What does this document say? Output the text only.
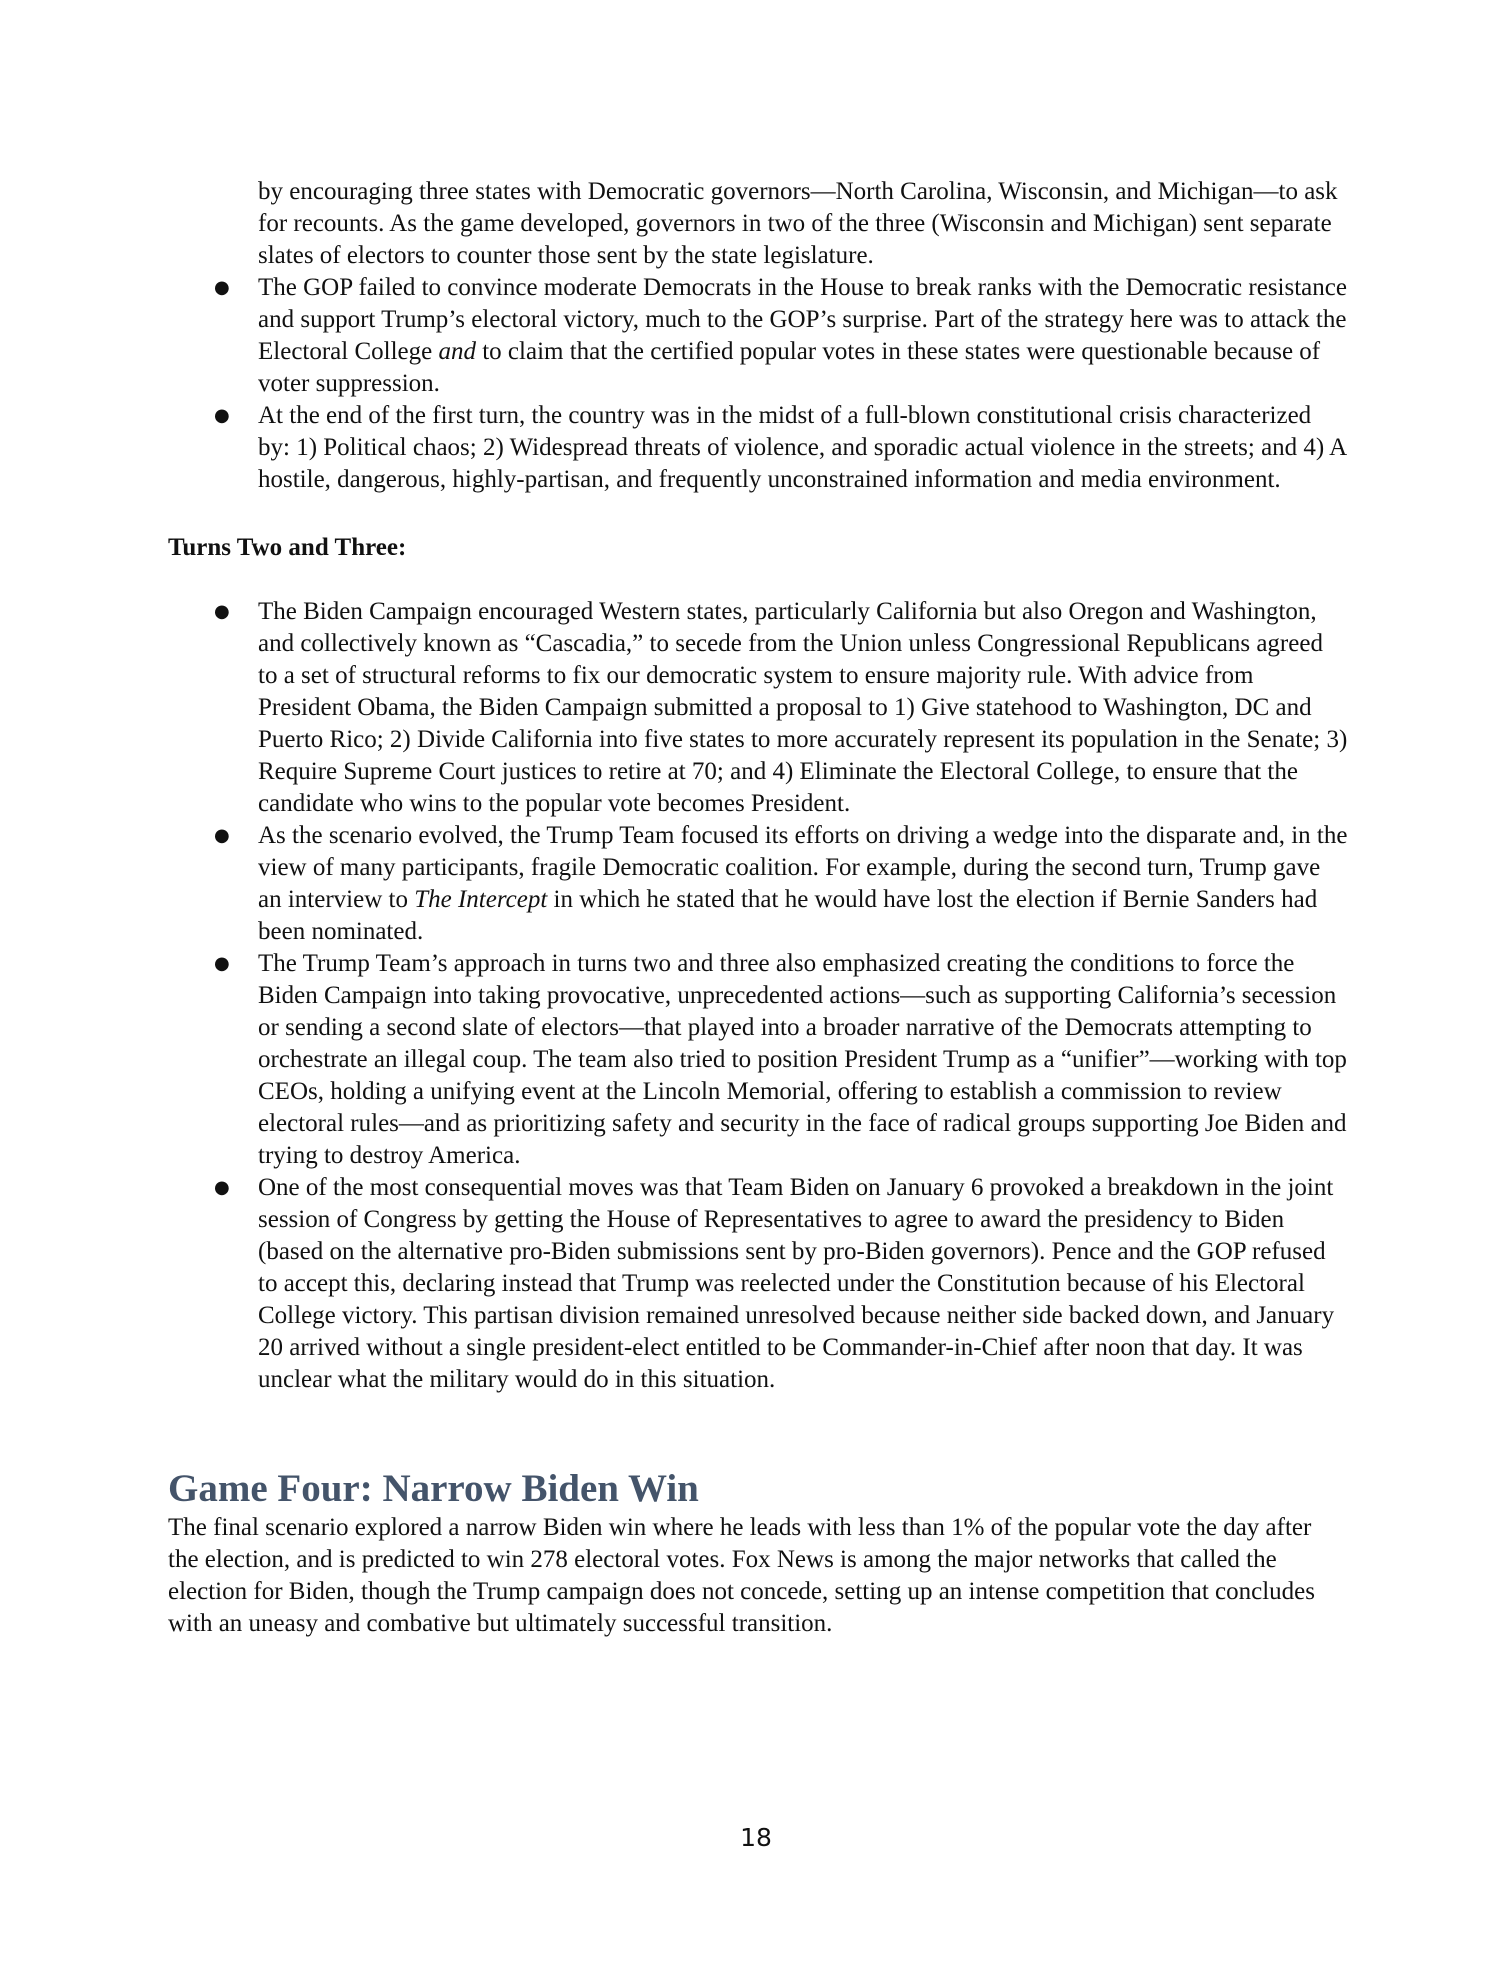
by encouraging three states with Democratic governors—North Carolina, Wisconsin, and Michigan—to ask for recounts. As the game developed, governors in two of the three (Wisconsin and Michigan) sent separate slates of electors to counter those sent by the state legislature.

● The GOP failed to convince moderate Democrats in the House to break ranks with the Democratic resistance and support Trump’s electoral victory, much to the GOP’s surprise. Part of the strategy here was to attack the Electoral College and to claim that the certified popular votes in these states were questionable because of voter suppression.
● At the end of the first turn, the country was in the midst of a full-blown constitutional crisis characterized by: 1) Political chaos; 2) Widespread threats of violence, and sporadic actual violence in the streets; and 4) A hostile, dangerous, highly-partisan, and frequently unconstrained information and media environment.
Turns Two and Three:
● The Biden Campaign encouraged Western states, particularly California but also Oregon and Washington, and collectively known as “Cascadia,” to secede from the Union unless Congressional Republicans agreed to a set of structural reforms to fix our democratic system to ensure majority rule. With advice from President Obama, the Biden Campaign submitted a proposal to 1) Give statehood to Washington, DC and Puerto Rico; 2) Divide California into five states to more accurately represent its population in the Senate; 3) Require Supreme Court justices to retire at 70; and 4) Eliminate the Electoral College, to ensure that the candidate who wins to the popular vote becomes President.
● As the scenario evolved, the Trump Team focused its efforts on driving a wedge into the disparate and, in the view of many participants, fragile Democratic coalition. For example, during the second turn, Trump gave an interview to The Intercept in which he stated that he would have lost the election if Bernie Sanders had been nominated.
● The Trump Team’s approach in turns two and three also emphasized creating the conditions to force the Biden Campaign into taking provocative, unprecedented actions—such as supporting California’s secession or sending a second slate of electors—that played into a broader narrative of the Democrats attempting to orchestrate an illegal coup. The team also tried to position President Trump as a “unifier”—working with top CEOs, holding a unifying event at the Lincoln Memorial, offering to establish a commission to review electoral rules—and as prioritizing safety and security in the face of radical groups supporting Joe Biden and trying to destroy America.
● One of the most consequential moves was that Team Biden on January 6 provoked a breakdown in the joint session of Congress by getting the House of Representatives to agree to award the presidency to Biden (based on the alternative pro-Biden submissions sent by pro-Biden governors). Pence and the GOP refused to accept this, declaring instead that Trump was reelected under the Constitution because of his Electoral College victory. This partisan division remained unresolved because neither side backed down, and January 20 arrived without a single president-elect entitled to be Commander-in-Chief after noon that day. It was unclear what the military would do in this situation.
Game Four: Narrow Biden Win

The final scenario explored a narrow Biden win where he leads with less than 1% of the popular vote the day after the election, and is predicted to win 278 electoral votes. Fox News is among the major networks that called the election for Biden, though the Trump campaign does not concede, setting up an intense competition that concludes with an uneasy and combative but ultimately successful transition.

18
